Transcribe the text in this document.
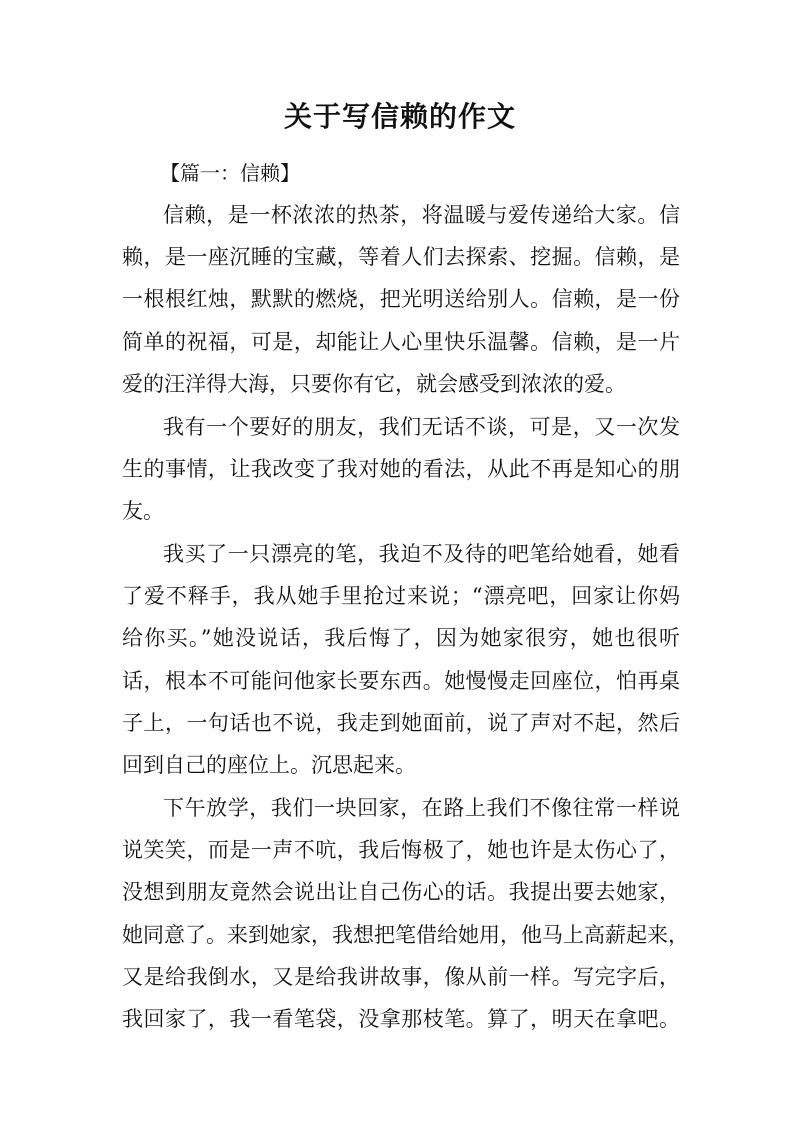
关于写信赖的作文
【篇一：信赖】
信赖，是一杯浓浓的热茶，将温暖与爱传递给大家。信
赖，是一座沉睡的宝藏，等着人们去探索、挖掘。信赖，是
一根根红烛，默默的燃烧，把光明送给别人。信赖，是一份
简单的祝福，可是，却能让人心里快乐温馨。信赖，是一片
爱的汪洋得大海，只要你有它，就会感受到浓浓的爱。
我有一个要好的朋友，我们无话不谈，可是，又一次发
生的事情，让我改变了我对她的看法，从此不再是知心的朋
友。
我买了一只漂亮的笔，我迫不及待的吧笔给她看，她看
了爱不释手，我从她手里抢过来说；“漂亮吧，回家让你妈
给你买。”她没说话，我后悔了，因为她家很穷，她也很听
话，根本不可能问他家长要东西。她慢慢走回座位，怕再桌
子上，一句话也不说，我走到她面前，说了声对不起，然后
回到自己的座位上。沉思起来。
下午放学，我们一块回家，在路上我们不像往常一样说
说笑笑，而是一声不吭，我后悔极了，她也许是太伤心了，
没想到朋友竟然会说出让自己伤心的话。我提出要去她家，
她同意了。来到她家，我想把笔借给她用，他马上高薪起来，
又是给我倒水，又是给我讲故事，像从前一样。写完字后，
我回家了，我一看笔袋，没拿那枝笔。算了，明天在拿吧。
